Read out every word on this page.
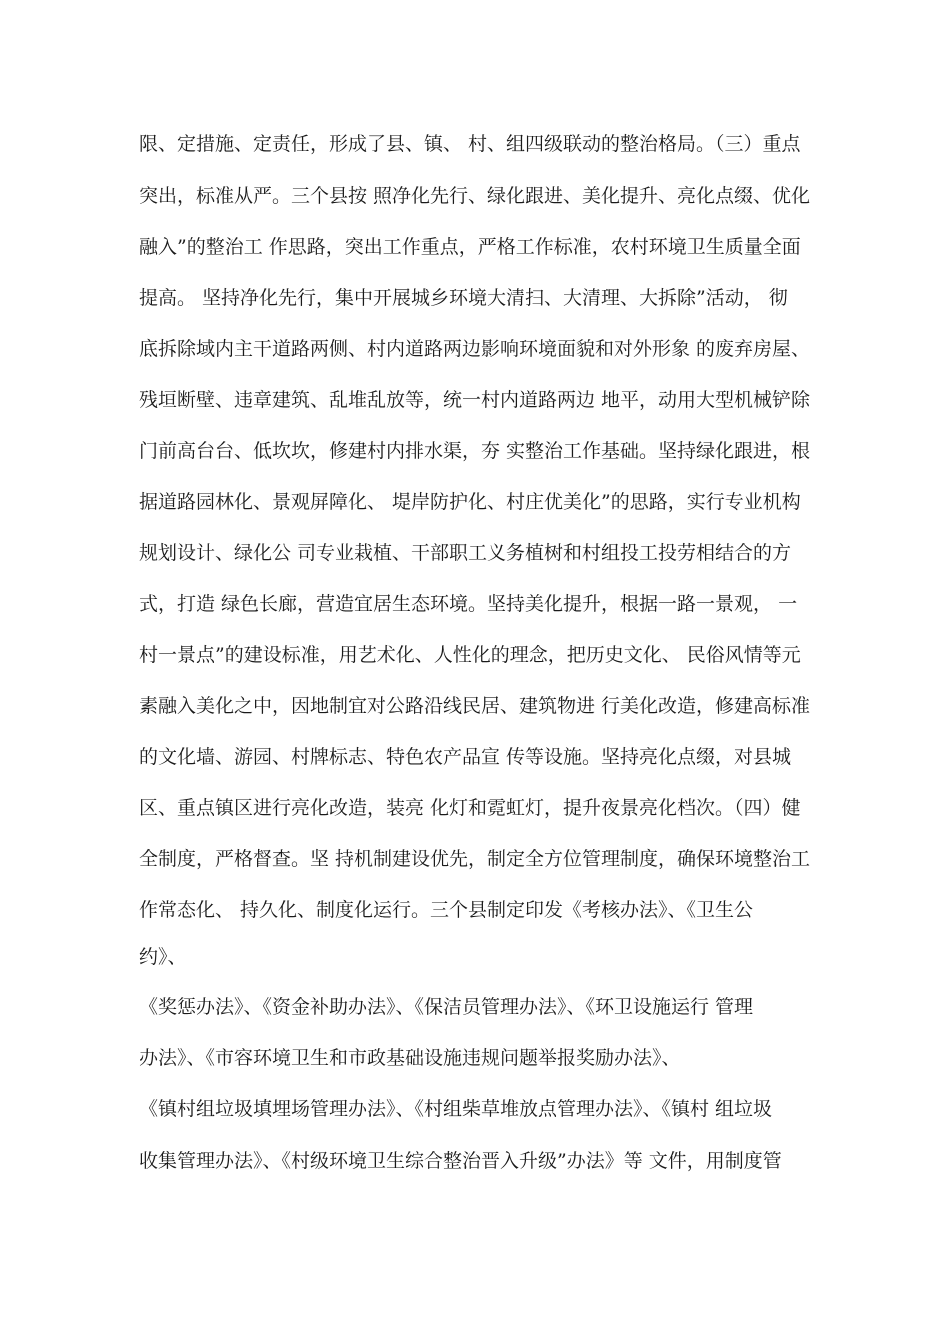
限、定措施、定责任，形成了县、镇、 村、组四级联动的整治格局。（三）重点
突出，标准从严。三个县按 照净化先行、绿化跟进、美化提升、亮化点缀、优化
融入”的整治工 作思路，突出工作重点，严格工作标准，农村环境卫生质量全面
提高。 坚持净化先行，集中开展城乡环境大清扫、大清理、大拆除”活动， 彻
底拆除域内主干道路两侧、村内道路两边影响环境面貌和对外形象 的废弃房屋、
残垣断壁、违章建筑、乱堆乱放等，统一村内道路两边 地平，动用大型机械铲除
门前高台台、低坎坎，修建村内排水渠，夯 实整治工作基础。坚持绿化跟进，根
据道路园林化、景观屏障化、 堤岸防护化、村庄优美化”的思路，实行专业机构
规划设计、绿化公 司专业栽植、干部职工义务植树和村组投工投劳相结合的方
式，打造 绿色长廊，营造宜居生态环境。坚持美化提升，根据一路一景观， 一
村一景点”的建设标准，用艺术化、人性化的理念，把历史文化、 民俗风情等元
素融入美化之中，因地制宜对公路沿线民居、建筑物进 行美化改造，修建高标准
的文化墙、游园、村牌标志、特色农产品宣 传等设施。坚持亮化点缀，对县城
区、重点镇区进行亮化改造，装亮 化灯和霓虹灯，提升夜景亮化档次。（四）健
全制度，严格督查。坚 持机制建设优先，制定全方位管理制度，确保环境整治工
作常态化、 持久化、制度化运行。三个县制定印发《考核办法》、《卫生公
约》、
《奖惩办法》、《资金补助办法》、《保洁员管理办法》、《环卫设施运行 管理
办法》、《市容环境卫生和市政基础设施违规问题举报奖励办法》、
《镇村组垃圾填埋场管理办法》、《村组柴草堆放点管理办法》、《镇村 组垃圾
收集管理办法》、《村级环境卫生综合整治晋入升级”办法》等 文件，用制度管
